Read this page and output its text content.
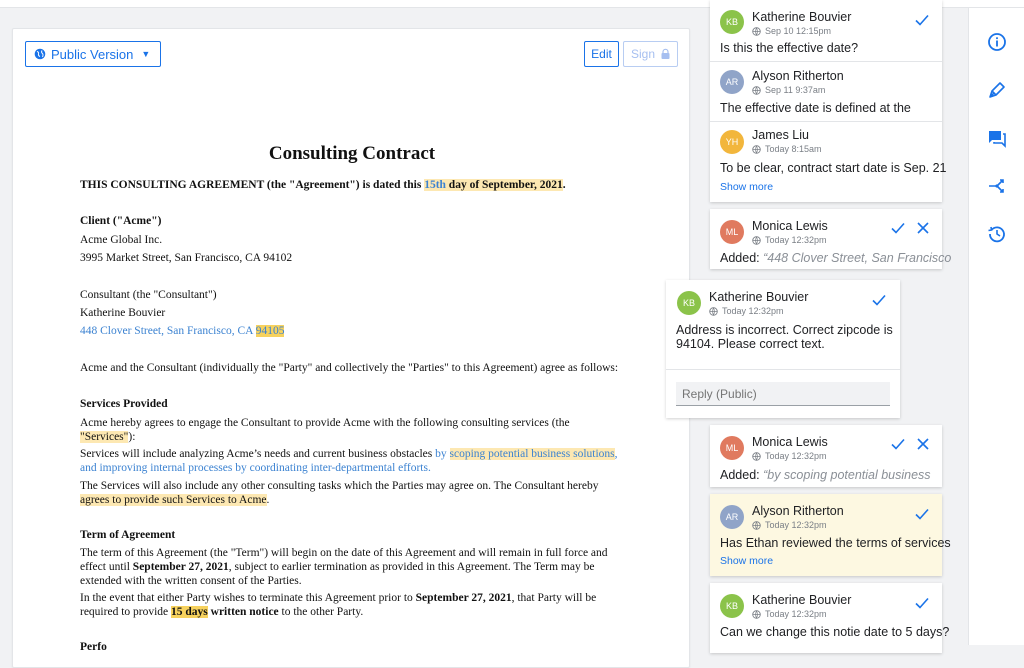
Public Version ▼	Edit	Sign
Consulting Contract
THIS CONSULTING AGREEMENT (the "Agreement") is dated this 15th day of September, 2021.
Client ("Acme")
Acme Global Inc.
3995 Market Street, San Francisco, CA 94102
Consultant (the "Consultant")
Katherine Bouvier
448 Clover Street, San Francisco, CA 94105
Acme and the Consultant (individually the "Party" and collectively the "Parties" to this Agreement) agree as follows:
Services Provided
Acme hereby agrees to engage the Consultant to provide Acme with the following consulting services (the
"Services"):
Services will include analyzing Acme’s needs and current business obstacles by scoping potential business solutions,
and improving internal processes by coordinating inter-departmental efforts.
The Services will also include any other consulting tasks which the Parties may agree on. The Consultant hereby
agrees to provide such Services to Acme.
Term of Agreement
The term of this Agreement (the "Term") will begin on the date of this Agreement and will remain in full force and
effect until September 27, 2021, subject to earlier termination as provided in this Agreement. The Term may be
extended with the written consent of the Parties.
In the event that either Party wishes to terminate this Agreement prior to September 27, 2021, that Party will be
required to provide 15 days written notice to the other Party.
Perfo
KB	Katherine Bouvier
Sep 10 12:15pm
Is this the effective date?
AR	Alyson Ritherton
Sep 11 9:37am
The effective date is defined at the
YH	James Liu
Today 8:15am
To be clear, contract start date is Sep. 21
Show more
ML	Monica Lewis
Today 12:32pm
Added: “448 Clover Street, San Francisco
KB	Katherine Bouvier
Today 12:32pm
Address is incorrect. Correct zipcode is
94104. Please correct text.
Reply (Public)
ML	Monica Lewis
Today 12:32pm
Added: “by scoping potential business
AR	Alyson Ritherton
Today 12:32pm
Has Ethan reviewed the terms of services
Show more
KB	Katherine Bouvier
Today 12:32pm
Can we change this notie date to 5 days?
